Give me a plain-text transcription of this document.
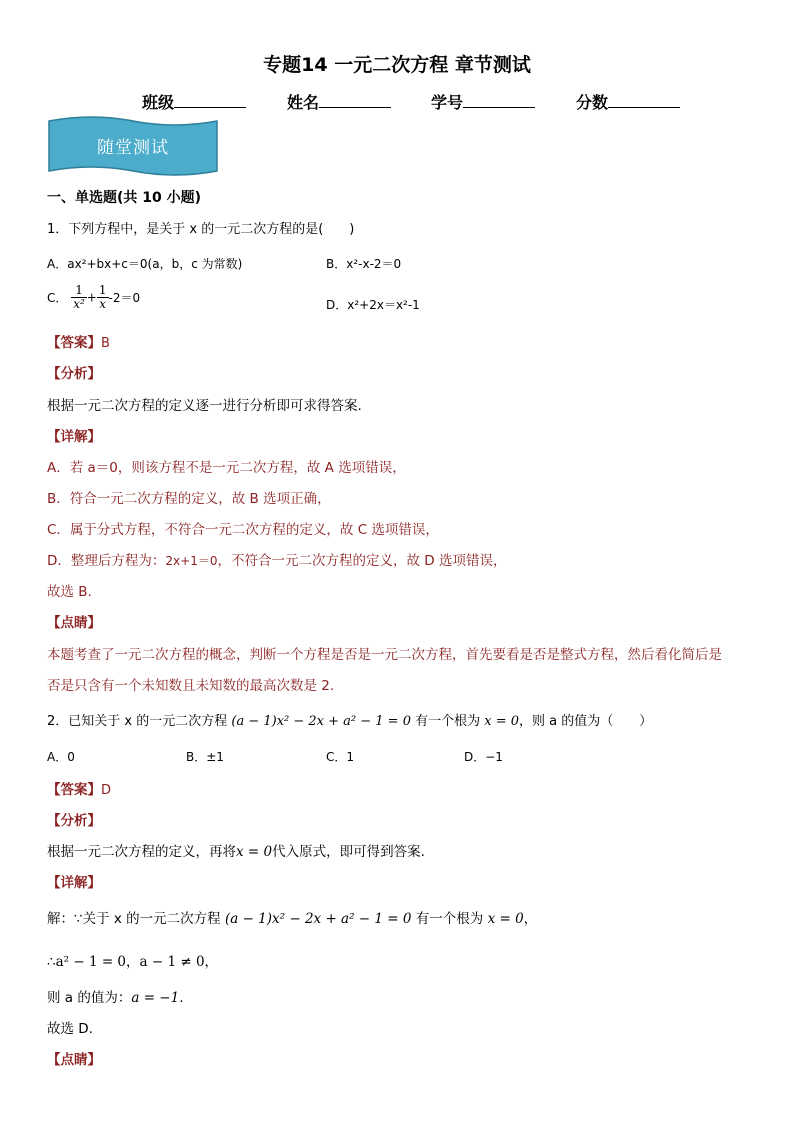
专题14 一元二次方程 章节测试
班级	姓名	学号	分数
随堂测试
一、单选题(共 10 小题)
1．下列方程中，是关于 x 的一元二次方程的是(　　)
A．ax²+bx+c＝0(a，b，c 为常数)	B．x²-x-2＝0
C． $\frac{1}{\text{x²}} + \frac{1}{x} -2=0$	D．x²+2x＝x²-1
【答案】B
【分析】
根据一元二次方程的定义逐一进行分析即可求得答案.
【详解】
A．若 a＝0，则该方程不是一元二次方程，故 A 选项错误，
B．符合一元二次方程的定义，故 B 选项正确，
C．属于分式方程，不符合一元二次方程的定义，故 C 选项错误，
D．整理后方程为：2x+1＝0，不符合一元二次方程的定义，故 D 选项错误，
故选 B.
【点睛】
本题考查了一元二次方程的概念，判断一个方程是否是一元二次方程，首先要看是否是整式方程，然后看化简后是
否是只含有一个未知数且未知数的最高次数是 2.
2．已知关于 x 的一元二次方程 (a − 1)x² − 2x + a² − 1 = 0 有一个根为 x = 0，则 a 的值为（　　）
A．0	B．±1	C．1	D．−1
【答案】D
【分析】
根据一元二次方程的定义，再将x = 0代入原式，即可得到答案.
【详解】
解：∵关于 x 的一元二次方程 (a − 1)x² − 2x + a² − 1 = 0 有一个根为 x = 0，
∴a² − 1 = 0，a − 1 ≠ 0，
则 a 的值为：a = −1.
故选 D.
【点睛】
